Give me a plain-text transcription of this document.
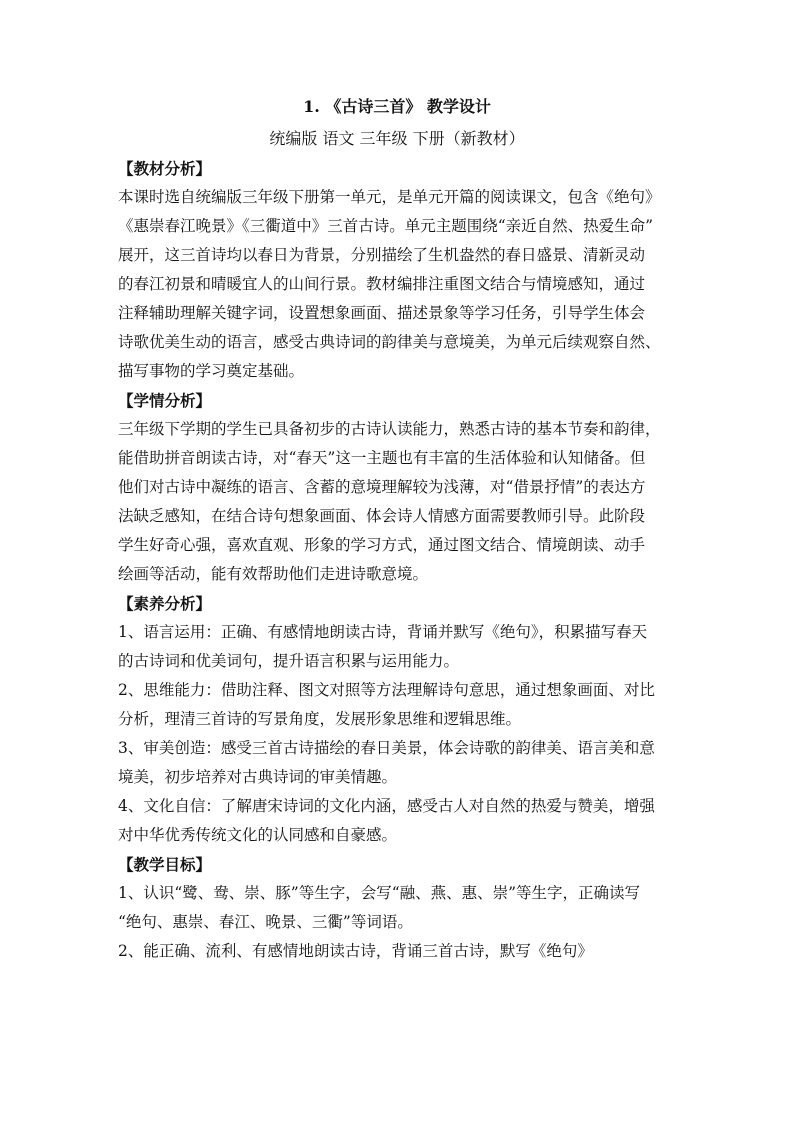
1. 《古诗三首》 教学设计
统编版 语文 三年级 下册（新教材）
【教材分析】
本课时选自统编版三年级下册第一单元，是单元开篇的阅读课文，包含《绝句》
《惠崇春江晚景》《三衢道中》三首古诗。单元主题围绕“亲近自然、热爱生命”
展开，这三首诗均以春日为背景，分别描绘了生机盎然的春日盛景、清新灵动
的春江初景和晴暖宜人的山间行景。教材编排注重图文结合与情境感知，通过
注释辅助理解关键字词，设置想象画面、描述景象等学习任务，引导学生体会
诗歌优美生动的语言，感受古典诗词的韵律美与意境美，为单元后续观察自然、
描写事物的学习奠定基础。
【学情分析】
三年级下学期的学生已具备初步的古诗认读能力，熟悉古诗的基本节奏和韵律，
能借助拼音朗读古诗，对“春天”这一主题也有丰富的生活体验和认知储备。但
他们对古诗中凝练的语言、含蓄的意境理解较为浅薄，对“借景抒情”的表达方
法缺乏感知，在结合诗句想象画面、体会诗人情感方面需要教师引导。此阶段
学生好奇心强，喜欢直观、形象的学习方式，通过图文结合、情境朗读、动手
绘画等活动，能有效帮助他们走进诗歌意境。
【素养分析】
1、语言运用：正确、有感情地朗读古诗，背诵并默写《绝句》，积累描写春天
的古诗词和优美词句，提升语言积累与运用能力。
2、思维能力：借助注释、图文对照等方法理解诗句意思，通过想象画面、对比
分析，理清三首诗的写景角度，发展形象思维和逻辑思维。
3、审美创造：感受三首古诗描绘的春日美景，体会诗歌的韵律美、语言美和意
境美，初步培养对古典诗词的审美情趣。
4、文化自信：了解唐宋诗词的文化内涵，感受古人对自然的热爱与赞美，增强
对中华优秀传统文化的认同感和自豪感。
【教学目标】
1、认识“鹭、鸯、崇、豚”等生字，会写“融、燕、惠、崇”等生字，正确读写
“绝句、惠崇、春江、晚景、三衢”等词语。
2、能正确、流利、有感情地朗读古诗，背诵三首古诗，默写《绝句》
